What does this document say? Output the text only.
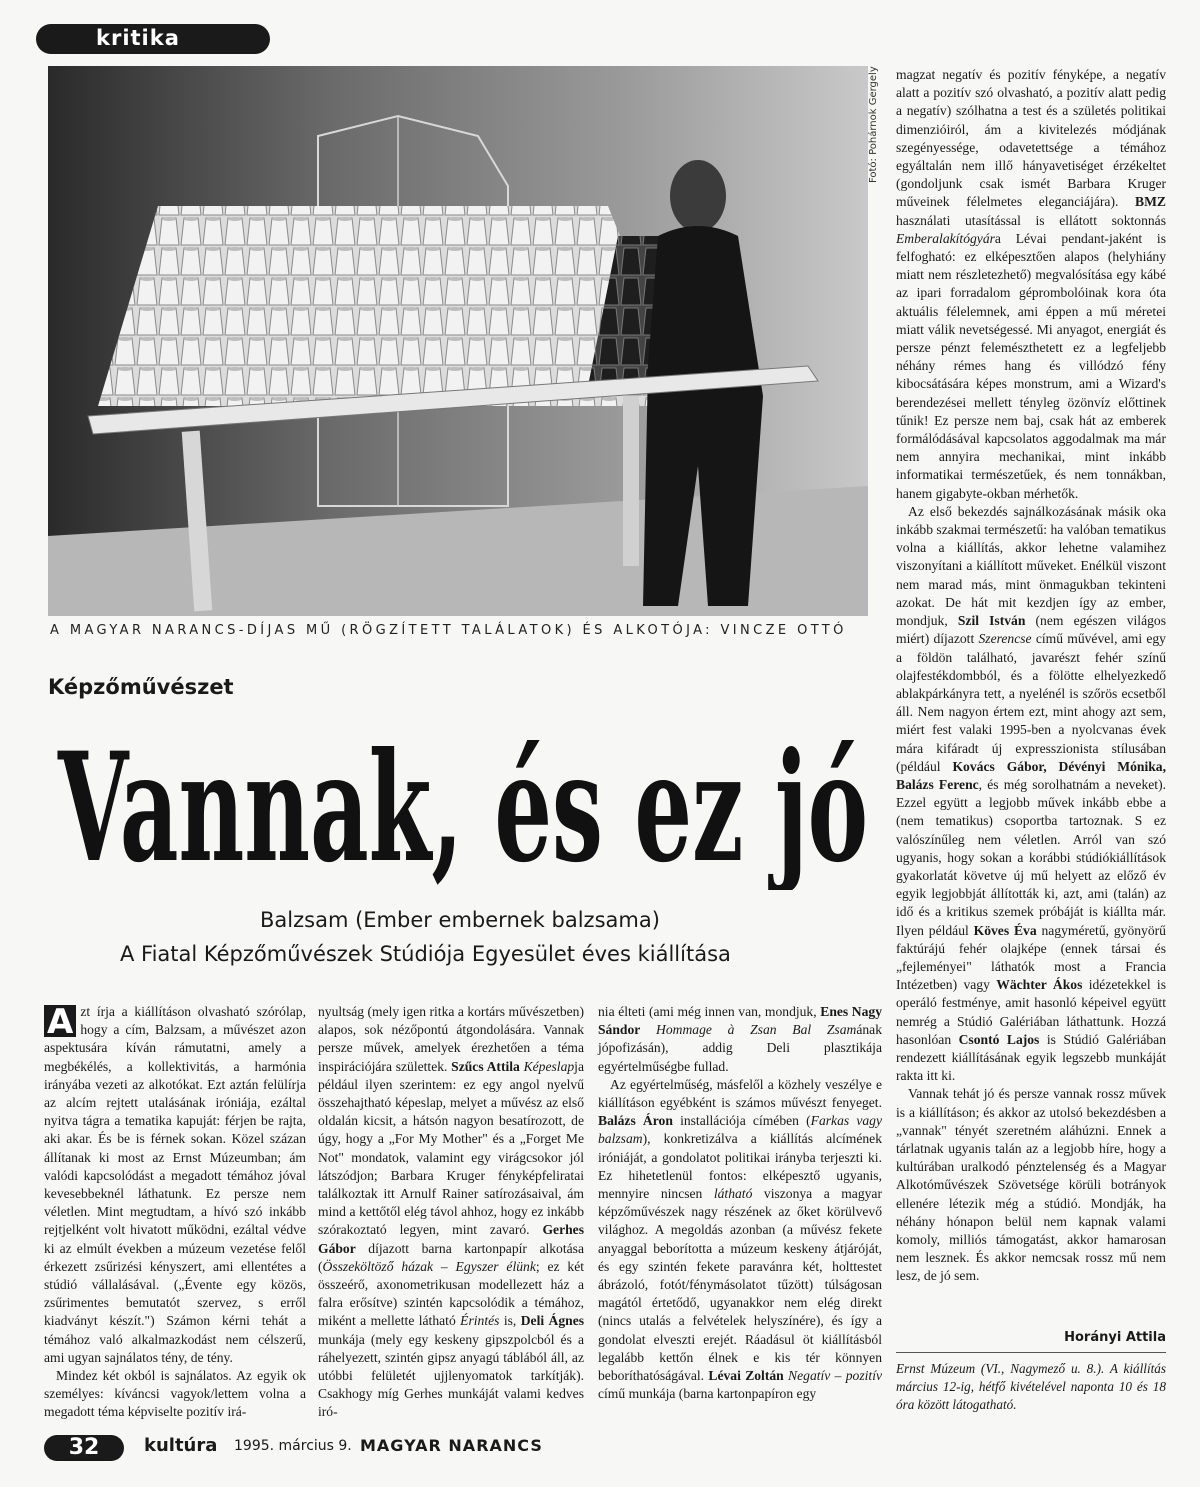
kritika
Fotó: Pohárnok Gergely
A MAGYAR NARANCS-DÍJAS MŰ (RÖGZÍTETT TALÁLATOK) ÉS ALKOTÓJA: VINCZE OTTÓ
Képzőművészet
Vannak, és ez jó
Balzsam (Ember embernek balzsama)
A Fiatal Képzőművészek Stúdiója Egyesület éves kiállítása

A zt írja a kiállításon olvasható szórólap, hogy a cím, Balzsam, a művészet azon aspektusára kíván rámutatni, amely a megbékélés, a kollektivitás, a harmónia irányába vezeti az alkotókat. Ezt aztán felülírja az alcím rejtett utalásának iróniája, ezáltal nyitva tágra a tematika kapuját: férjen be rajta, aki akar. És be is férnek sokan. Közel százan állítanak ki most az Ernst Múzeumban; ám valódi kapcsolódást a megadott témához jóval kevesebbeknél láthatunk. Ez persze nem véletlen. Mint megtudtam, a hívó szó inkább rejtjelként volt hivatott működni, ezáltal védve ki az elmúlt években a múzeum vezetése felől érkezett zsűrizési kényszert, ami ellentétes a stúdió vállalásával. („Évente egy közös, zsűrimentes bemutatót szervez, s erről kiadványt készít.") Számon kérni tehát a témához való alkalmazkodást nem célszerű, ami ugyan sajnálatos tény, de tény.

Mindez két okból is sajnálatos. Az egyik ok személyes: kíváncsi vagyok/lettem volna a megadott téma képviselte pozitív irá-

nyultság (mely igen ritka a kortárs művészetben) alapos, sok nézőpontú átgondolására. Vannak persze művek, amelyek érezhetően a téma inspirációjára születtek. Szűcs Attila Képeslapja például ilyen szerintem: ez egy angol nyelvű összehajtható képeslap, melyet a művész az első oldalán kicsit, a hátsón nagyon besatírozott, de úgy, hogy a „For My Mother" és a „Forget Me Not" mondatok, valamint egy virágcsokor jól látszódjon; Barbara Kruger fényképfeliratai találkoztak itt Arnulf Rainer satírozásaival, ám mind a kettőtől elég távol ahhoz, hogy ez inkább szórakoztató legyen, mint zavaró. Gerhes Gábor díjazott barna kartonpapír alkotása (Összeköltöző házak – Egyszer élünk; ez két összeérő, axonometrikusan modellezett ház a falra erősítve) szintén kapcsolódik a témához, miként a mellette látható Érintés is, Deli Ágnes munkája (mely egy keskeny gipszpolcból és a ráhelyezett, szintén gipsz anyagú táblából áll, az utóbbi felületét ujjlenyomatok tarkítják). Csakhogy míg Gerhes munkáját valami kedves iró-

nia élteti (ami még innen van, mondjuk, Enes Nagy Sándor Hommage à Zsan Bal Zsamának jópofizásán), addig Deli plasztikája egyértelműségbe fullad.

Az egyértelműség, másfelől a közhely veszélye e kiállításon egyébként is számos művészt fenyeget. Balázs Áron installációja címében (Farkas vagy balzsam), konkretizálva a kiállítás alcímének iróniáját, a gondolatot politikai irányba terjeszti ki. Ez hihetetlenül fontos: elképesztő ugyanis, mennyire nincsen látható viszonya a magyar képzőművészek nagy részének az őket körülvevő világhoz. A megoldás azonban (a művész fekete anyaggal beborította a múzeum keskeny átjáróját, és egy szintén fekete paravánra két, holttestet ábrázoló, fotót/fénymásolatot tűzött) túlságosan magától értetődő, ugyanakkor nem elég direkt (nincs utalás a felvételek helyszínére), és így a gondolat elveszti erejét. Ráadásul öt kiállításból legalább kettőn élnek e kis tér könnyen beboríthatóságával. Lévai Zoltán Negatív – pozitív című munkája (barna kartonpapíron egy

magzat negatív és pozitív fényképe, a negatív alatt a pozitív szó olvasható, a pozitív alatt pedig a negatív) szólhatna a test és a születés politikai dimenzióiról, ám a kivitelezés módjának szegényessége, odavetettsége a témához egyáltalán nem illő hányavetiséget érzékeltet (gondoljunk csak ismét Barbara Kruger műveinek félelmetes eleganciájára). BMZ használati utasítással is ellátott soktonnás Emberalakítógyára Lévai pendant-jaként is felfogható: ez elképesztően alapos (helyhiány miatt nem részletezhető) megvalósítása egy kábé az ipari forradalom géprombolóinak kora óta aktuális félelemnek, ami éppen a mű méretei miatt válik nevetségessé. Mi anyagot, energiát és persze pénzt felemészthetett ez a legfeljebb néhány rémes hang és villódzó fény kibocsátására képes monstrum, ami a Wizard's berendezései mellett tényleg özönvíz előttinek tűnik! Ez persze nem baj, csak hát az emberek formálódásával kapcsolatos aggodalmak ma már nem annyira mechanikai, mint inkább informatikai természetűek, és nem tonnákban, hanem gigabyte-okban mérhetők.

Az első bekezdés sajnálkozásának másik oka inkább szakmai természetű: ha valóban tematikus volna a kiállítás, akkor lehetne valamihez viszonyítani a kiállított műveket. Enélkül viszont nem marad más, mint önmagukban tekinteni azokat. De hát mit kezdjen így az ember, mondjuk, Szil István (nem egészen világos miért) díjazott Szerencse című művével, ami egy a földön található, javarészt fehér színű olajfestékdombból, és a fölötte elhelyezkedő ablakpárkányra tett, a nyelénél is szőrös ecsetből áll. Nem nagyon értem ezt, mint ahogy azt sem, miért fest valaki 1995-ben a nyolcvanas évek mára kifáradt új expresszionista stílusában (például Kovács Gábor, Dévényi Mónika, Balázs Ferenc, és még sorolhatnám a neveket). Ezzel együtt a legjobb művek inkább ebbe a (nem tematikus) csoportba tartoznak. S ez valószínűleg nem véletlen. Arról van szó ugyanis, hogy sokan a korábbi stúdiókiállítások gyakorlatát követve új mű helyett az előző év egyik legjobbját állították ki, azt, ami (talán) az idő és a kritikus szemek próbáját is kiállta már. Ilyen például Köves Éva nagyméretű, gyönyörű faktúrájú fehér olajképe (ennek társai és „fejleményei" láthatók most a Francia Intézetben) vagy Wächter Ákos idézetekkel is operáló festménye, amit hasonló képeivel együtt nemrég a Stúdió Galériában láthattunk. Hozzá hasonlóan Csontó Lajos is Stúdió Galériában rendezett kiállításának egyik legszebb munkáját rakta itt ki.

Vannak tehát jó és persze vannak rossz művek is a kiállításon; és akkor az utolsó bekezdésben a „vannak" tényét szeretném aláhúzni. Ennek a tárlatnak ugyanis talán az a legjobb híre, hogy a kultúrában uralkodó pénztelenség és a Magyar Alkotóművészek Szövetsége körüli botrányok ellenére létezik még a stúdió. Mondják, ha néhány hónapon belül nem kapnak valami komoly, milliós támogatást, akkor hamarosan nem lesznek. És akkor nemcsak rossz mű nem lesz, de jó sem.

Horányi Attila
Ernst Múzeum (VI., Nagymező u. 8.). A kiállítás március 12-ig, hétfő kivételével naponta 10 és 18 óra között látogatható.
32	kultúra 1995. március 9. MAGYAR NARANCS
